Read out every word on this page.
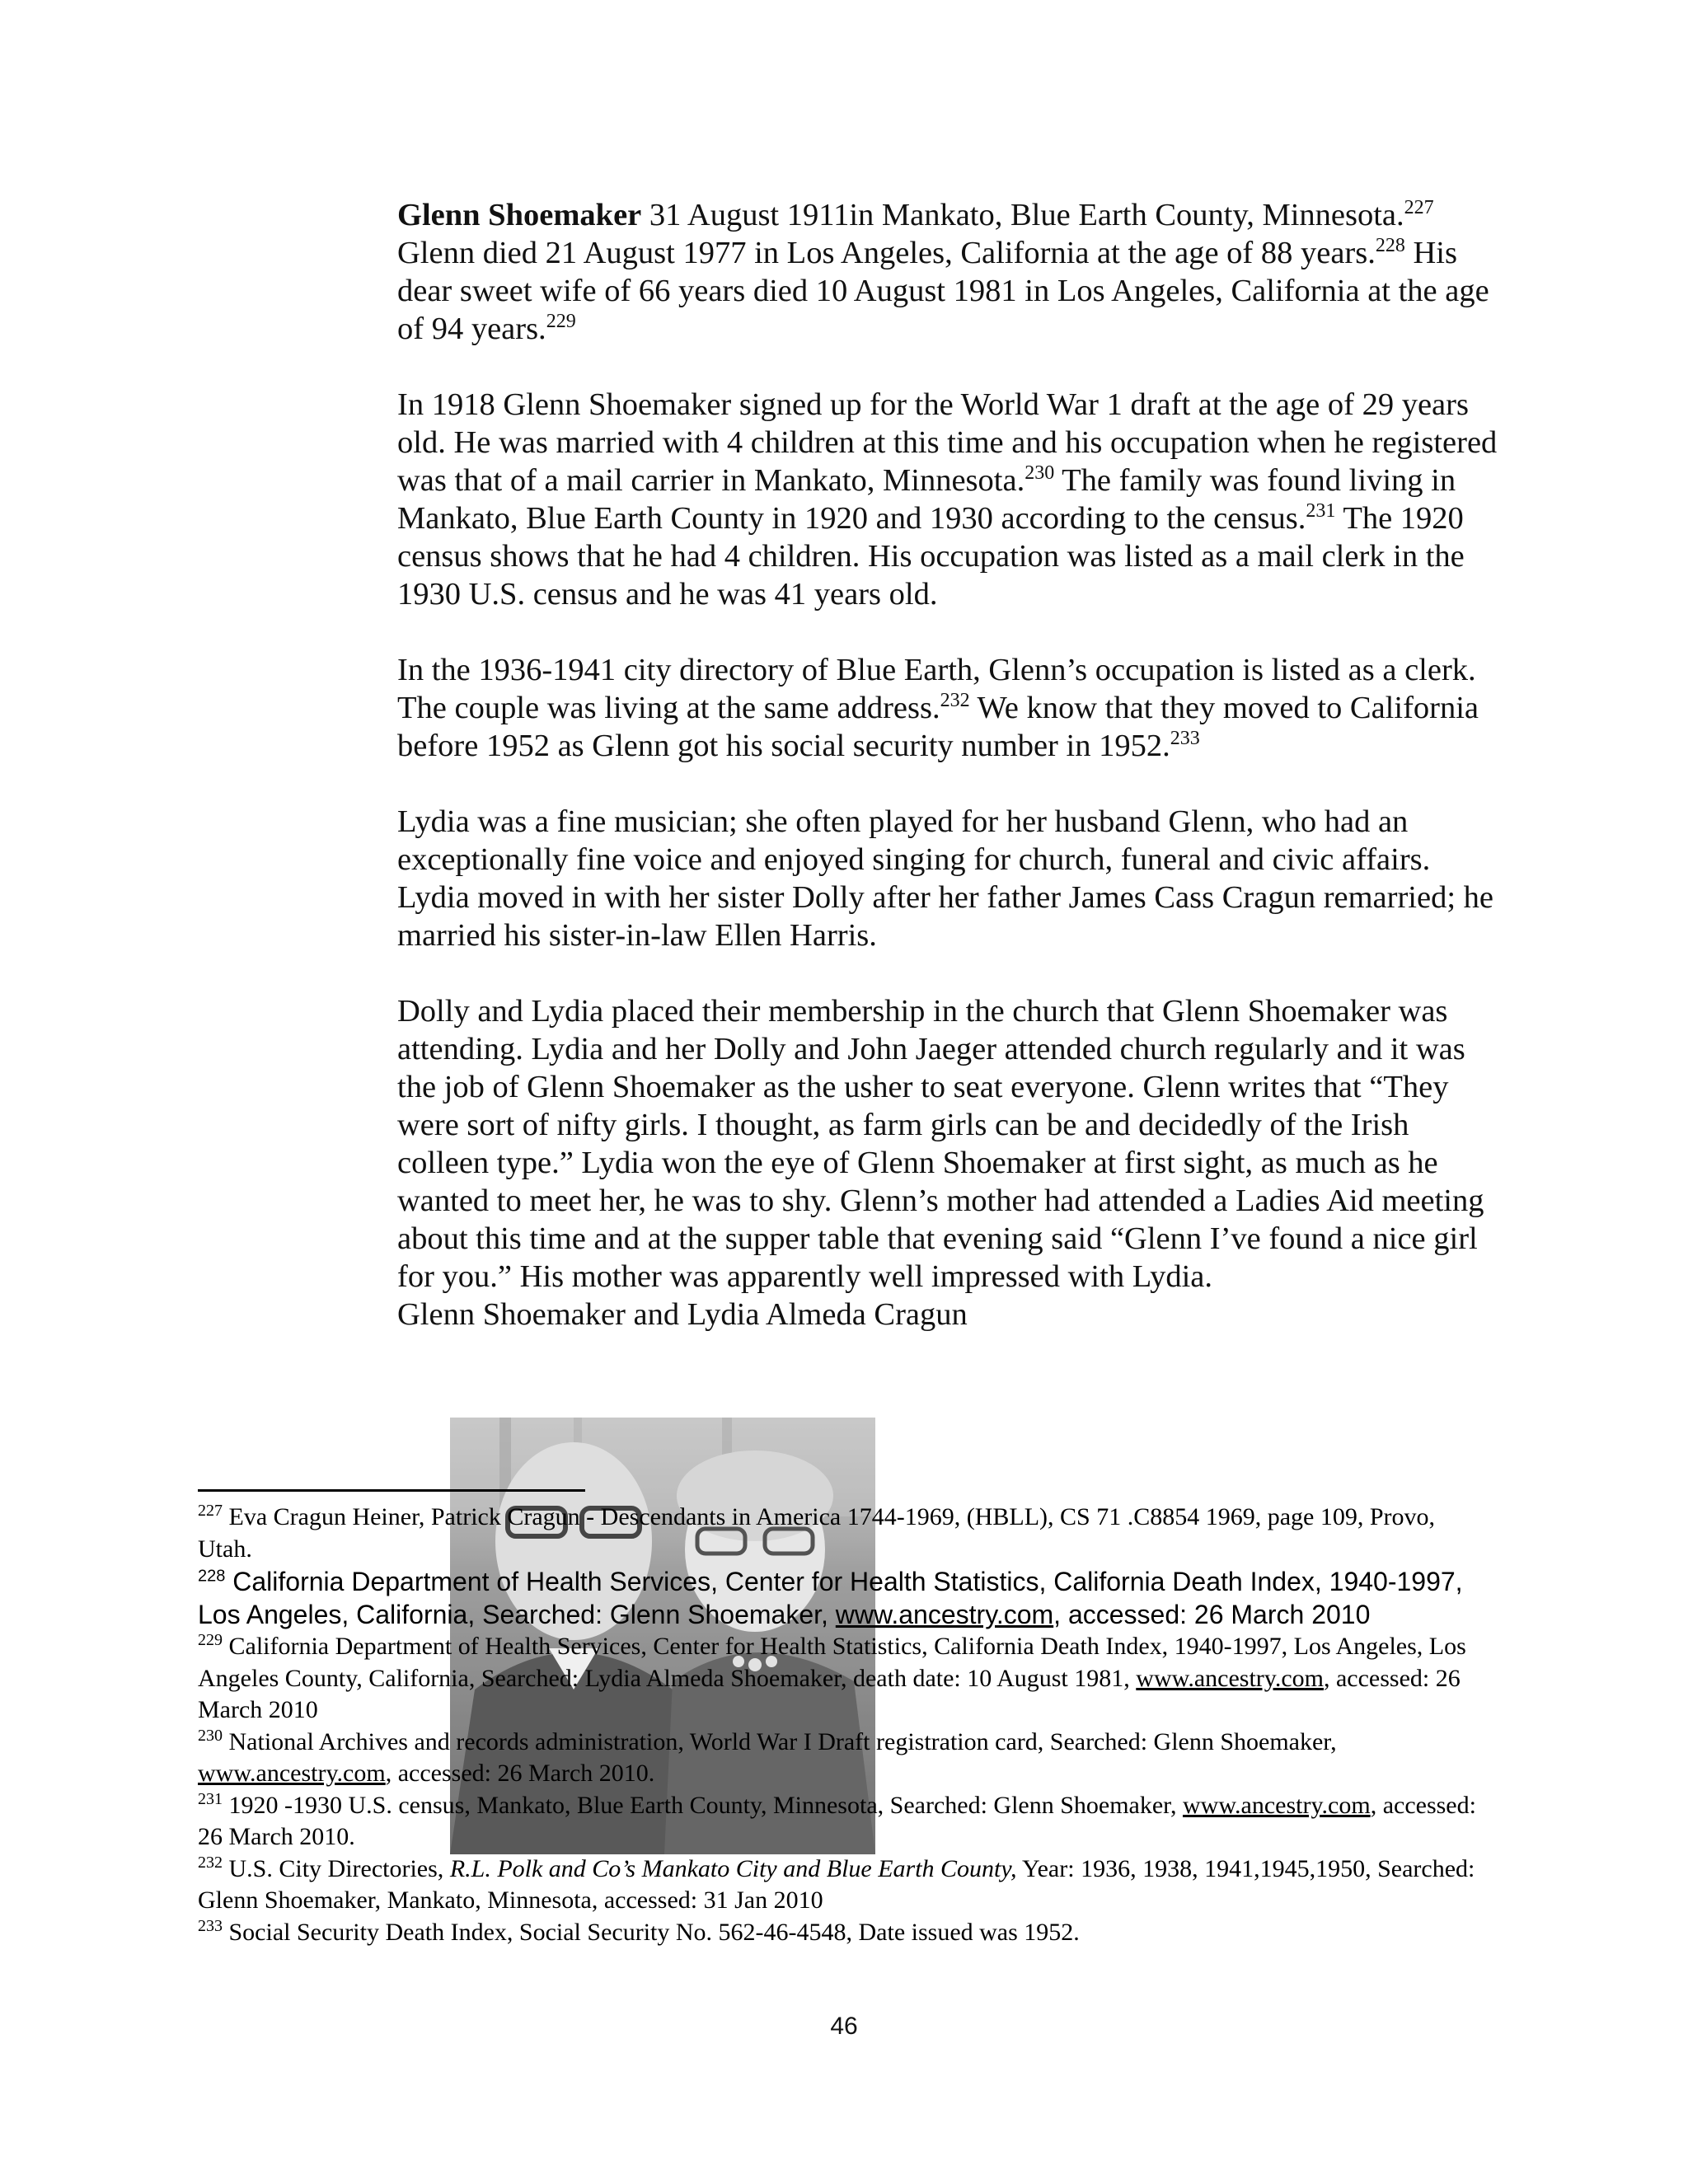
Glenn Shoemaker 31 August 1911in Mankato, Blue Earth County, Minnesota.$^{227}$ Glenn died 21 August 1977 in Los Angeles, California at the age of 88 years.$^{228}$ His dear sweet wife of 66 years died 10 August 1981 in Los Angeles, California at the age of 94 years.$^{229}$

In 1918 Glenn Shoemaker signed up for the World War 1 draft at the age of 29 years old. He was married with 4 children at this time and his occupation when he registered was that of a mail carrier in Mankato, Minnesota.$^{230}$ The family was found living in Mankato, Blue Earth County in 1920 and 1930 according to the census.$^{231}$ The 1920 census shows that he had 4 children. His occupation was listed as a mail clerk in the 1930 U.S. census and he was 41 years old.

In the 1936-1941 city directory of Blue Earth, Glenn’s occupation is listed as a clerk. The couple was living at the same address.$^{232}$ We know that they moved to California before 1952 as Glenn got his social security number in 1952.$^{233}$

Lydia was a fine musician; she often played for her husband Glenn, who had an exceptionally fine voice and enjoyed singing for church, funeral and civic affairs. Lydia moved in with her sister Dolly after her father James Cass Cragun remarried; he married his sister-in-law Ellen Harris.

Dolly and Lydia placed their membership in the church that Glenn Shoemaker was attending. Lydia and her Dolly and John Jaeger attended church regularly and it was the job of Glenn Shoemaker as the usher to seat everyone. Glenn writes that “They were sort of nifty girls. I thought, as farm girls can be and decidedly of the Irish colleen type.” Lydia won the eye of Glenn Shoemaker at first sight, as much as he wanted to meet her, he was to shy. Glenn’s mother had attended a Ladies Aid meeting about this time and at the supper table that evening said “Glenn I’ve found a nice girl for you.” His mother was apparently well impressed with Lydia.

Glenn Shoemaker and Lydia Almeda Cragun

$^{227}$ Eva Cragun Heiner, Patrick Cragun - Descendants in America 1744-1969, (HBLL), CS 71 .C8854 1969, page 109, Provo, Utah.

$^{228}$ California Department of Health Services, Center for Health Statistics, California Death Index, 1940-1997, Los Angeles, California, Searched: Glenn Shoemaker, www.ancestry.com, accessed: 26 March 2010

$^{229}$ California Department of Health Services, Center for Health Statistics, California Death Index, 1940-1997, Los Angeles, Los Angeles County, California, Searched: Lydia Almeda Shoemaker, death date: 10 August 1981, www.ancestry.com, accessed: 26 March 2010

$^{230}$ National Archives and records administration, World War I Draft registration card, Searched: Glenn Shoemaker, www.ancestry.com, accessed: 26 March 2010.

$^{231}$ 1920 -1930 U.S. census, Mankato, Blue Earth County, Minnesota, Searched: Glenn Shoemaker, www.ancestry.com, accessed: 26 March 2010.

$^{232}$ U.S. City Directories, R.L. Polk and Co’s Mankato City and Blue Earth County, Year: 1936, 1938, 1941,1945,1950, Searched: Glenn Shoemaker, Mankato, Minnesota, accessed: 31 Jan 2010

$^{233}$ Social Security Death Index, Social Security No. 562-46-4548, Date issued was 1952.

46
